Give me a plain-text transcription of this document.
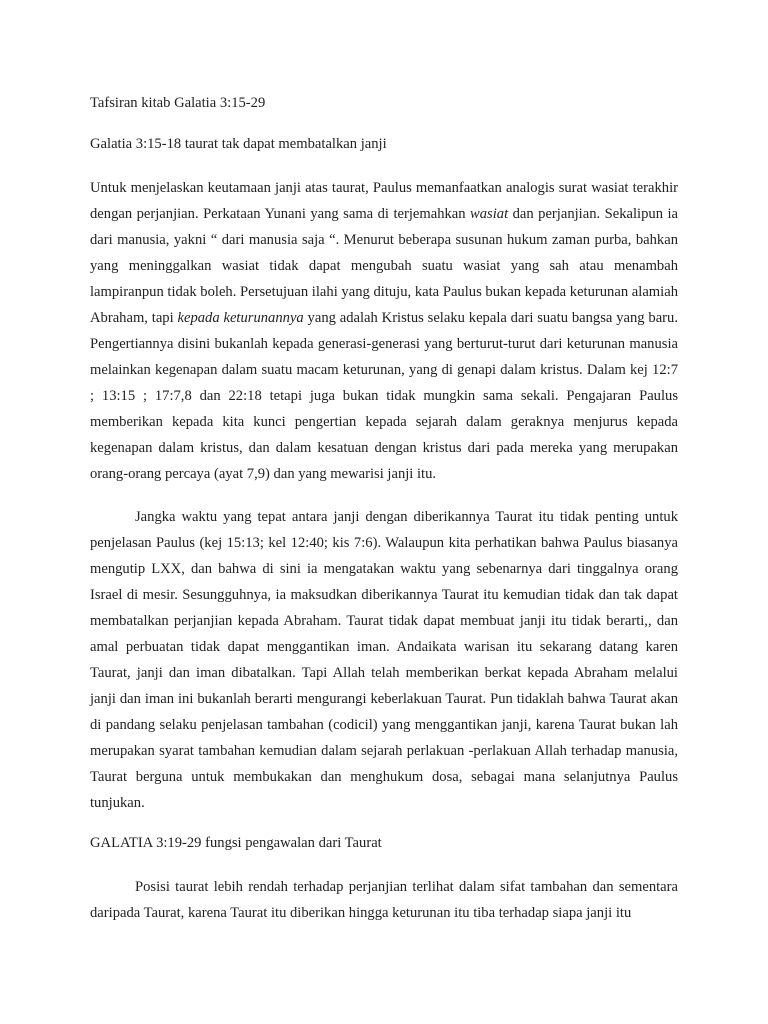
Tafsiran kitab Galatia 3:15-29
Galatia 3:15-18 taurat tak dapat membatalkan janji

Untuk menjelaskan keutamaan janji atas taurat, Paulus memanfaatkan analogis surat wasiat terakhir dengan perjanjian. Perkataan Yunani yang sama di terjemahkan wasiat dan perjanjian. Sekalipun ia dari manusia, yakni “ dari manusia saja “. Menurut beberapa susunan hukum zaman purba, bahkan yang meninggalkan wasiat tidak dapat mengubah suatu wasiat yang sah atau menambah lampiranpun tidak boleh. Persetujuan ilahi yang dituju, kata Paulus bukan kepada keturunan alamiah Abraham, tapi kepada keturunannya yang adalah Kristus selaku kepala dari suatu bangsa yang baru. Pengertiannya disini bukanlah kepada generasi-generasi yang berturut-turut dari keturunan manusia melainkan kegenapan dalam suatu macam keturunan, yang di genapi dalam kristus. Dalam kej 12:7 ; 13:15 ; 17:7,8 dan 22:18 tetapi juga bukan tidak mungkin sama sekali. Pengajaran Paulus memberikan kepada kita kunci pengertian kepada sejarah dalam geraknya menjurus kepada kegenapan dalam kristus, dan dalam kesatuan dengan kristus dari pada mereka yang merupakan orang-orang percaya (ayat 7,9) dan yang mewarisi janji itu.

Jangka waktu yang tepat antara janji dengan diberikannya Taurat itu tidak penting untuk penjelasan Paulus (kej 15:13; kel 12:40; kis 7:6). Walaupun kita perhatikan bahwa Paulus biasanya mengutip LXX, dan bahwa di sini ia mengatakan waktu yang sebenarnya dari tinggalnya orang Israel di mesir. Sesungguhnya, ia maksudkan diberikannya Taurat itu kemudian tidak dan tak dapat membatalkan perjanjian kepada Abraham. Taurat tidak dapat membuat janji itu tidak berarti,, dan amal perbuatan tidak dapat menggantikan iman. Andaikata warisan itu sekarang datang karen Taurat, janji dan iman dibatalkan. Tapi Allah telah memberikan berkat kepada Abraham melalui janji dan iman ini bukanlah berarti mengurangi keberlakuan Taurat. Pun tidaklah bahwa Taurat akan di pandang selaku penjelasan tambahan (codicil) yang menggantikan janji, karena Taurat bukan lah merupakan syarat tambahan kemudian dalam sejarah perlakuan -perlakuan Allah terhadap manusia, Taurat berguna untuk membukakan dan menghukum dosa, sebagai mana selanjutnya Paulus tunjukan.

GALATIA 3:19-29 fungsi pengawalan dari Taurat

Posisi taurat lebih rendah terhadap perjanjian terlihat dalam sifat tambahan dan sementara daripada Taurat, karena Taurat itu diberikan hingga keturunan itu tiba terhadap siapa janji itu
